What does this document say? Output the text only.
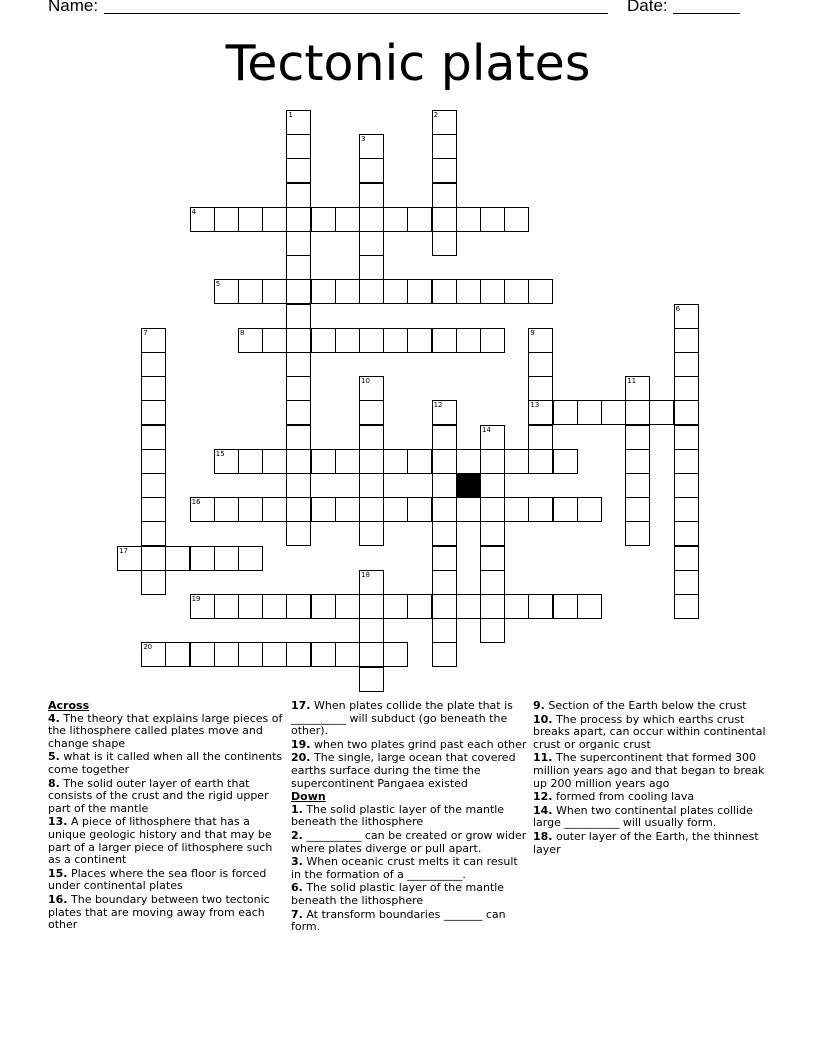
Name:	Date:
Tectonic plates
1	2
3
4
5
6
7	8	9
13
10	11
12
14
15
16
17
18
19
20
Across
4. The theory that explains large pieces of the lithosphere called plates move and change shape
5. what is it called when all the continents come together
8. The solid outer layer of earth that consists of the crust and the rigid upper part of the mantle
13. A piece of lithosphere that has a unique geologic history and that may be part of a larger piece of lithosphere such as a continent
15. Places where the sea floor is forced under continental plates
16. The boundary between two tectonic plates that are moving away from each other
17. When plates collide the plate that is __________ will subduct (go beneath the other).
19. when two plates grind past each other
20. The single, large ocean that covered earths surface during the time the supercontinent Pangaea existed
Down
1. The solid plastic layer of the mantle beneath the lithosphere
2. __________ can be created or grow wider where plates diverge or pull apart.
3. When oceanic crust melts it can result in the formation of a __________.
6. The solid plastic layer of the mantle beneath the lithosphere
7. At transform boundaries _______ can form.
9. Section of the Earth below the crust
10. The process by which earths crust breaks apart, can occur within continental crust or organic crust
11. The supercontinent that formed 300 million years ago and that began to break up 200 million years ago
12. formed from cooling lava
14. When two continental plates collide large __________ will usually form.
18. outer layer of the Earth, the thinnest layer
